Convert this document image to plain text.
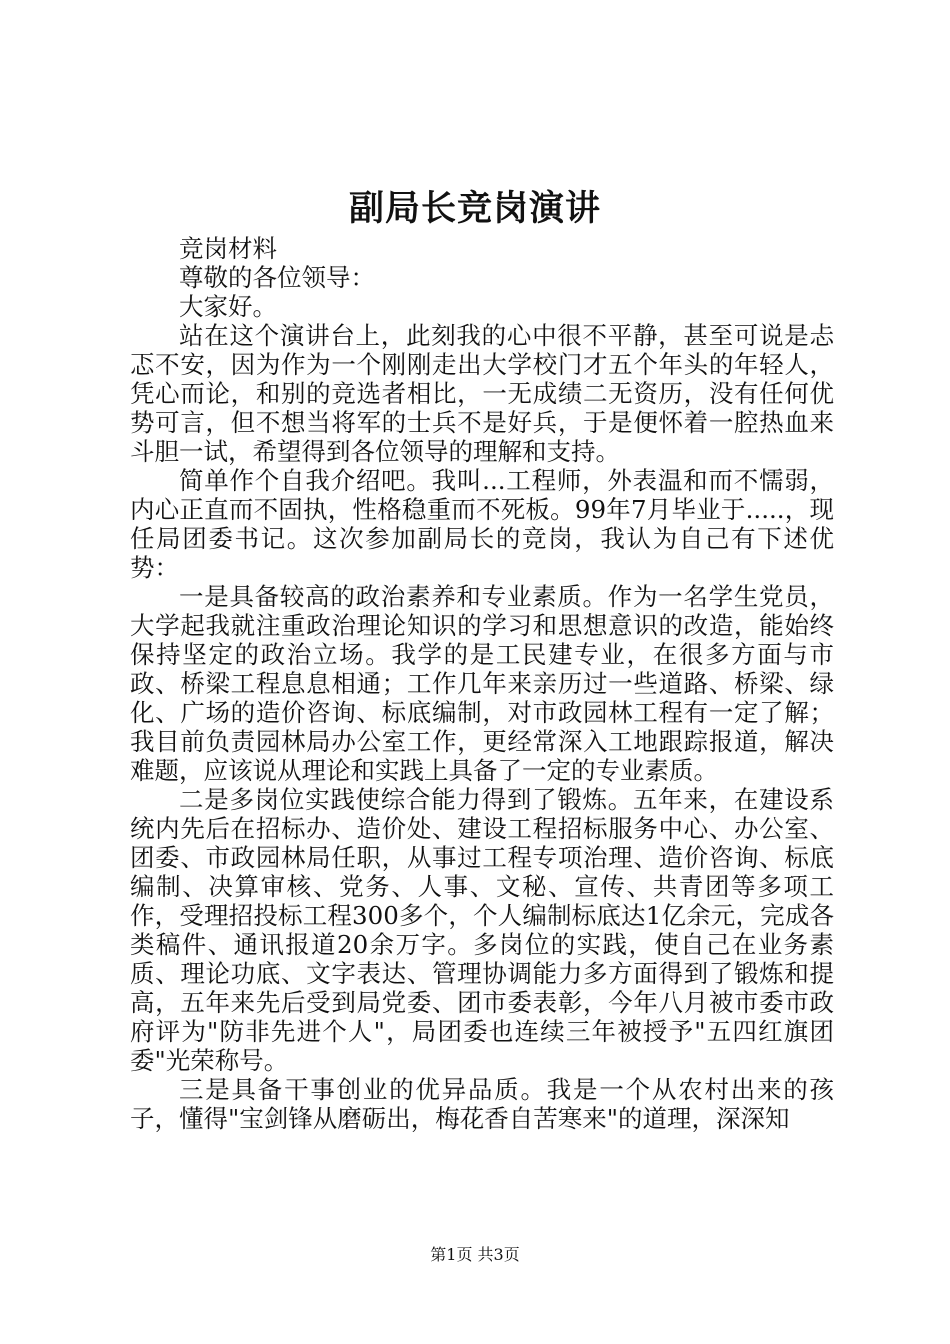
副局长竞岗演讲

竞岗材料

尊敬的各位领导：

大家好。

站在这个演讲台上，此刻我的心中很不平静，甚至可说是忐忑不安，因为作为一个刚刚走出大学校门才五个年头的年轻人，凭心而论，和别的竞选者相比，一无成绩二无资历，没有任何优势可言，但不想当将军的士兵不是好兵，于是便怀着一腔热血来斗胆一试，希望得到各位领导的理解和支持。

简单作个自我介绍吧。我叫...工程师，外表温和而不懦弱，内心正直而不固执，性格稳重而不死板。99年7月毕业于.....，现任局团委书记。这次参加副局长的竞岗，我认为自己有下述优势：

一是具备较高的政治素养和专业素质。作为一名学生党员，大学起我就注重政治理论知识的学习和思想意识的改造，能始终保持坚定的政治立场。我学的是工民建专业，在很多方面与市政、桥梁工程息息相通；工作几年来亲历过一些道路、桥梁、绿化、广场的造价咨询、标底编制，对市政园林工程有一定了解；我目前负责园林局办公室工作，更经常深入工地跟踪报道，解决难题，应该说从理论和实践上具备了一定的专业素质。

二是多岗位实践使综合能力得到了锻炼。五年来，在建设系统内先后在招标办、造价处、建设工程招标服务中心、办公室、团委、市政园林局任职，从事过工程专项治理、造价咨询、标底编制、决算审核、党务、人事、文秘、宣传、共青团等多项工作，受理招投标工程300多个，个人编制标底达1亿余元，完成各类稿件、通讯报道20余万字。多岗位的实践，使自己在业务素质、理论功底、文字表达、管理协调能力多方面得到了锻炼和提高，五年来先后受到局党委、团市委表彰，今年八月被市委市政府评为"防非先进个人"，局团委也连续三年被授予"五四红旗团委"光荣称号。

三是具备干事创业的优异品质。我是一个从农村出来的孩子，懂得"宝剑锋从磨砺出，梅花香自苦寒来"的道理，深深知

第1页 共3页
